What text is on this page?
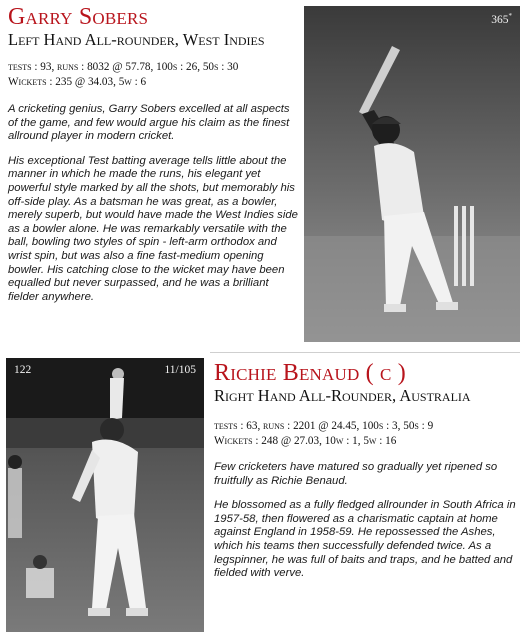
Garry Sobers
Left Hand All-rounder, West Indies
tests : 93, runs : 8032 @ 57.78, 100s : 26, 50s : 30
Wickets : 235 @ 34.03, 5w : 6

A cricketing genius, Garry Sobers excelled at all aspects of the game, and few would argue his claim as the finest allround player in modern cricket.

His exceptional Test batting average tells little about the manner in which he made the runs, his elegant yet powerful style marked by all the shots, but memorably his off-side play. As a batsman he was great, as a bowler, merely superb, but would have made the West Indies side as a bowler alone. He was remarkably versatile with the ball, bowling two styles of spin - left-arm orthodox and wrist spin, but was also a fine fast-medium opening bowler. His catching close to the wicket may have been equalled but never surpassed, and he was a brilliant fielder anywhere.

365*
122	11/105 Richie Benaud ( c )
Right Hand All-Rounder, Australia
tests : 63, runs : 2201 @ 24.45, 100s : 3, 50s : 9
Wickets : 248 @ 27.03, 10w : 1, 5w : 16

Few cricketers have matured so gradually yet ripened so fruitfully as Richie Benaud.

He blossomed as a fully fledged allrounder in South Africa in 1957-58, then flowered as a charismatic captain at home against England in 1958-59. He repossessed the Ashes, which his teams then successfully defended twice. As a legspinner, he was full of baits and traps, and he batted and fielded with verve.
